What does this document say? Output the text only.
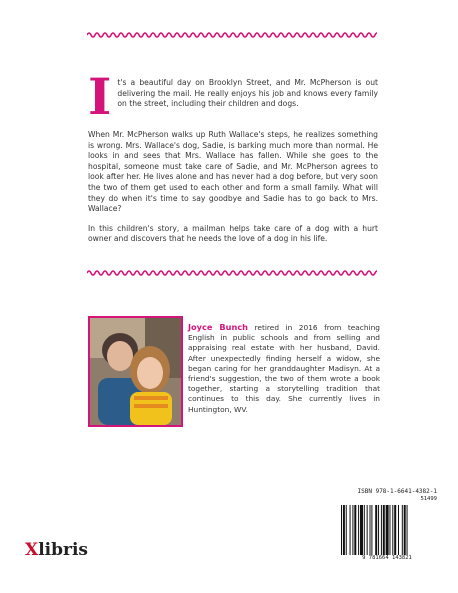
It's a beautiful day on Brooklyn Street, and Mr. McPherson is out delivering the mail. He really enjoys his job and knows every family on the street, including their children and dogs.

When Mr. McPherson walks up Ruth Wallace's steps, he realizes something is wrong. Mrs. Wallace's dog, Sadie, is barking much more than normal. He looks in and sees that Mrs. Wallace has fallen. While she goes to the hospital, someone must take care of Sadie, and Mr. McPherson agrees to look after her. He lives alone and has never had a dog before, but very soon the two of them get used to each other and form a small family. What will they do when it's time to say goodbye and Sadie has to go back to Mrs. Wallace?

In this children's story, a mailman helps take care of a dog with a hurt owner and discovers that he needs the love of a dog in his life.

Joyce Bunch retired in 2016 from teaching English in public schools and from selling and appraising real estate with her husband, David. After unexpectedly finding herself a widow, she began caring for her granddaughter Madisyn. At a friend's suggestion, the two of them wrote a book together, starting a storytelling tradition that continues to this day. She currently lives in Huntington, WV.
Xlibris
ISBN 978-1-6641-4382-1
51499
9 781664 143821
